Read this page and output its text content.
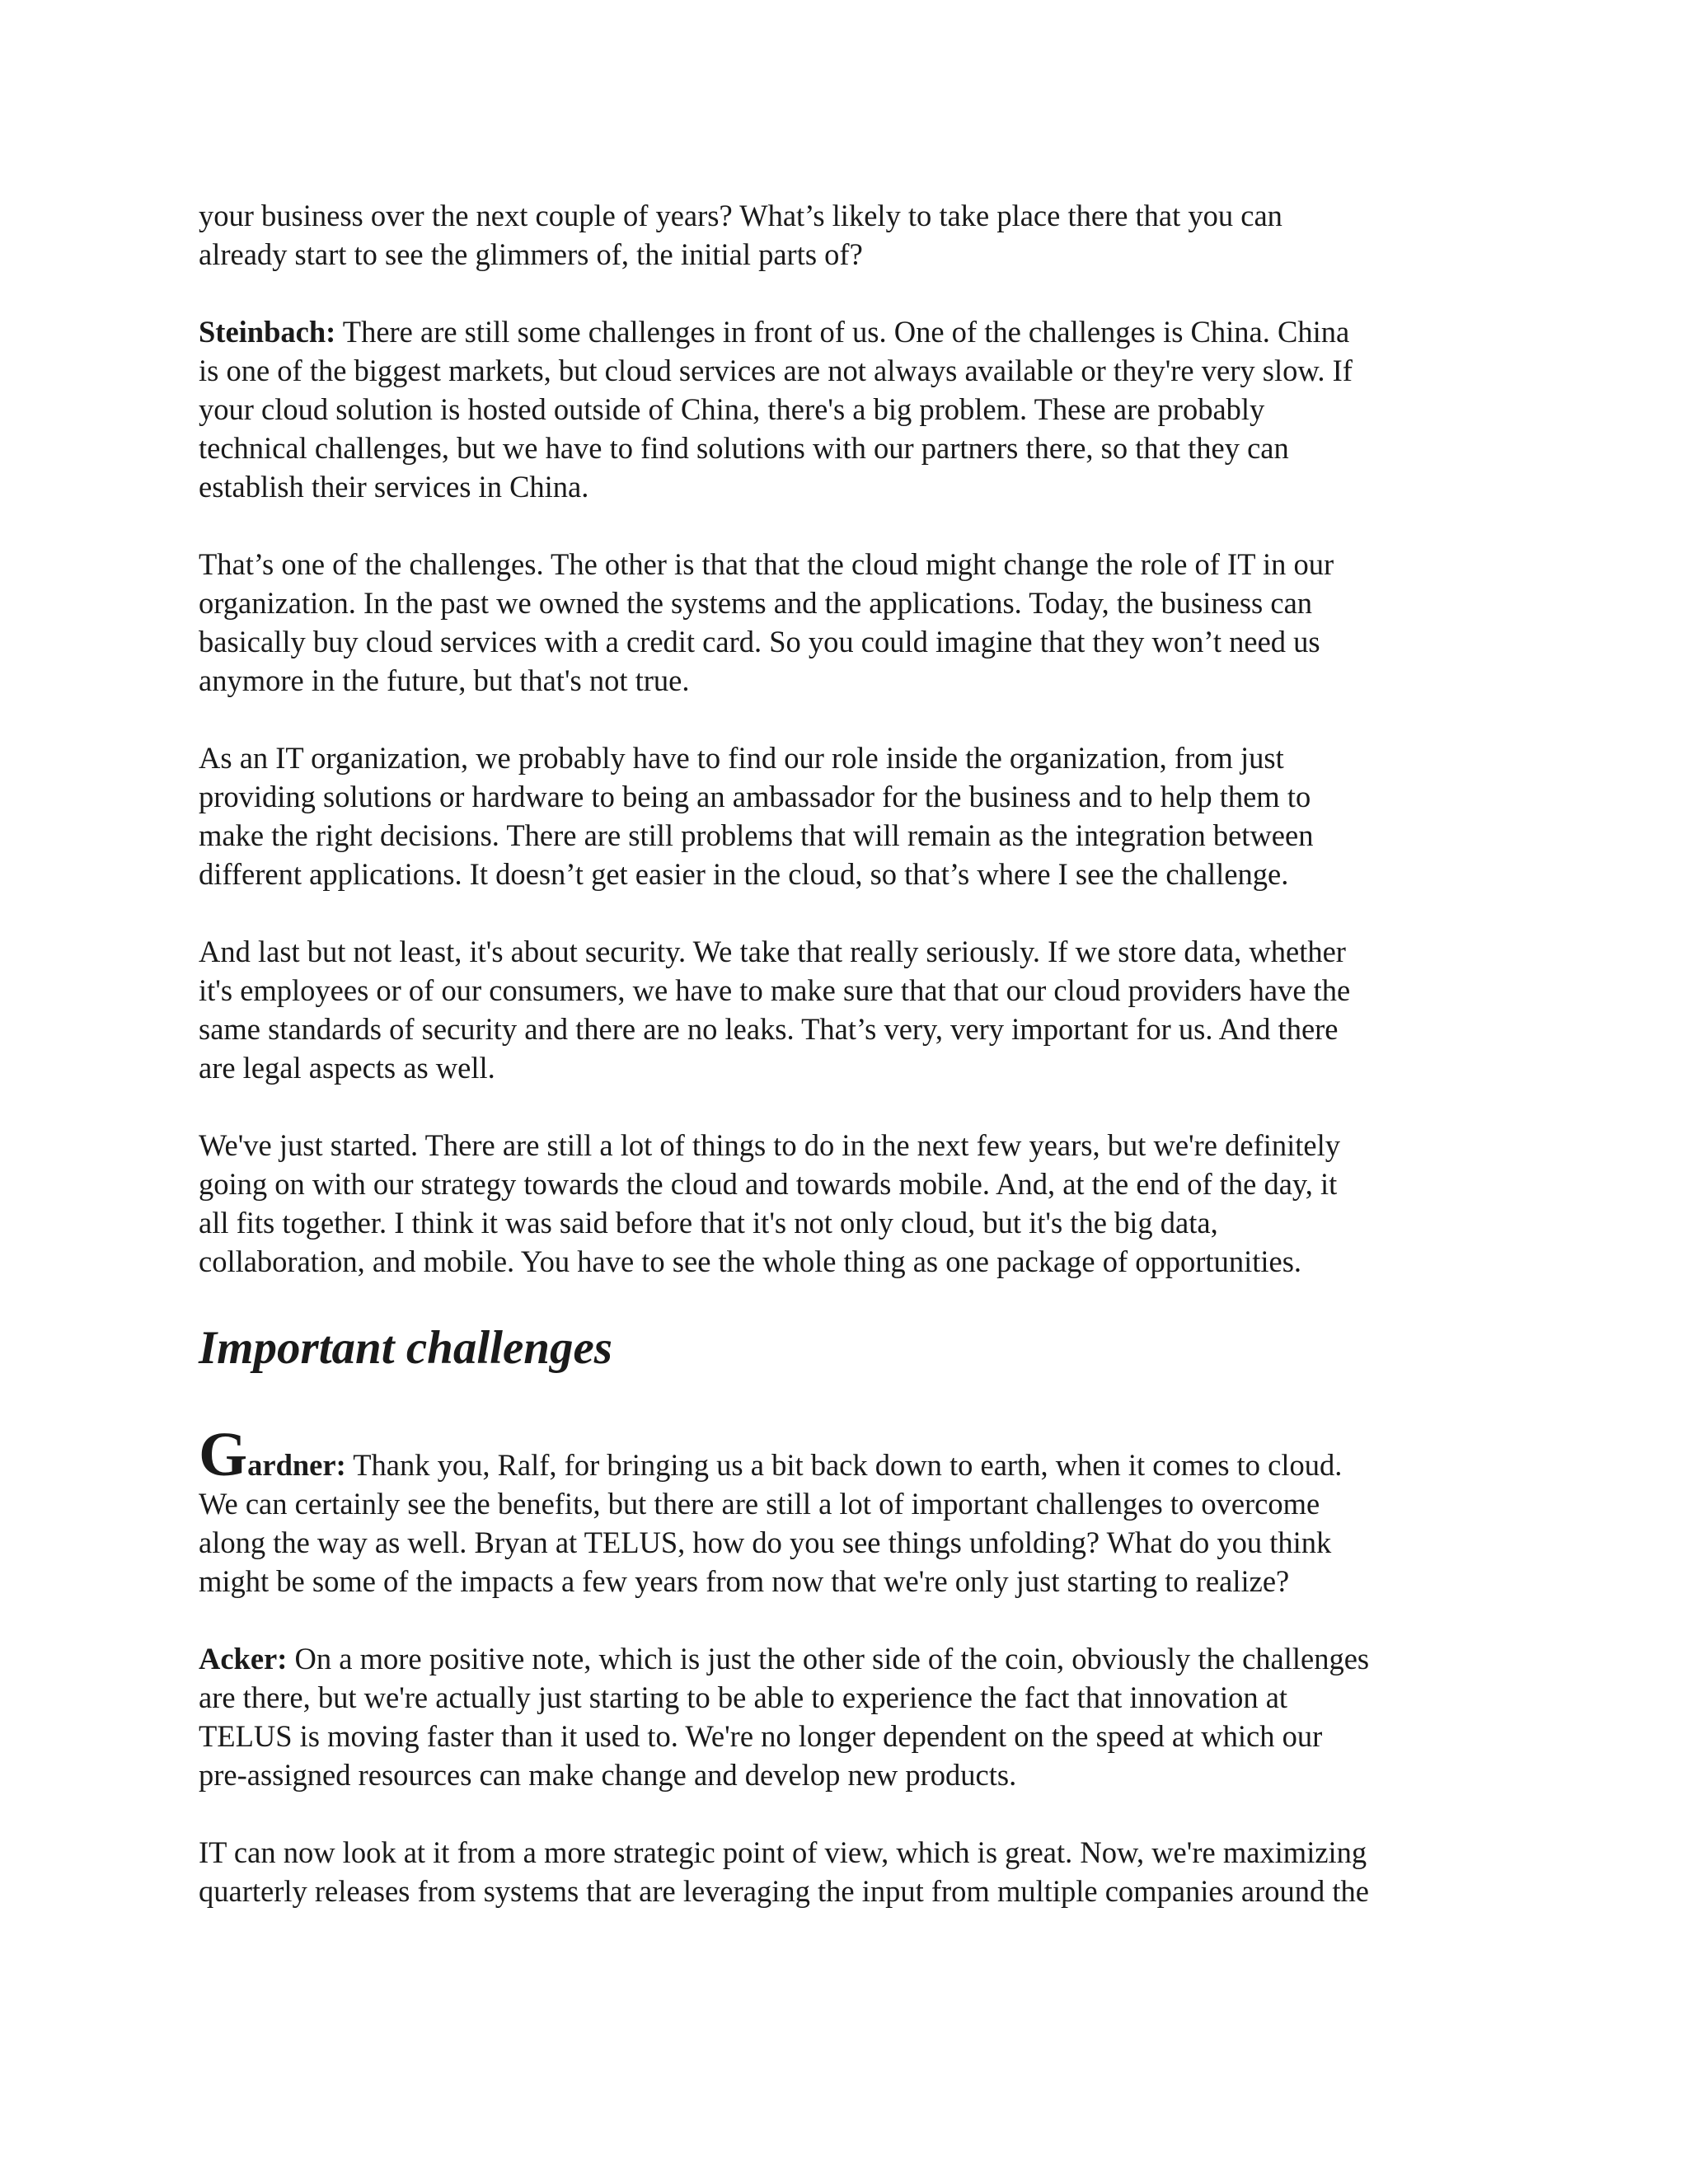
your business over the next couple of years? What’s likely to take place there that you can
already start to see the glimmers of, the initial parts of?

Steinbach: There are still some challenges in front of us. One of the challenges is China. China
is one of the biggest markets, but cloud services are not always available or they're very slow. If
your cloud solution is hosted outside of China, there's a big problem. These are probably
technical challenges, but we have to find solutions with our partners there, so that they can
establish their services in China.

That’s one of the challenges. The other is that that the cloud might change the role of IT in our
organization. In the past we owned the systems and the applications. Today, the business can
basically buy cloud services with a credit card. So you could imagine that they won’t need us
anymore in the future, but that's not true.

As an IT organization, we probably have to find our role inside the organization, from just
providing solutions or hardware to being an ambassador for the business and to help them to
make the right decisions. There are still problems that will remain as the integration between
different applications. It doesn’t get easier in the cloud, so that’s where I see the challenge.

And last but not least, it's about security. We take that really seriously. If we store data, whether
it's employees or of our consumers, we have to make sure that that our cloud providers have the
same standards of security and there are no leaks. That’s very, very important for us. And there
are legal aspects as well.

We've just started. There are still a lot of things to do in the next few years, but we're definitely
going on with our strategy towards the cloud and towards mobile. And, at the end of the day, it
all fits together. I think it was said before that it's not only cloud, but it's the big data,
collaboration, and mobile. You have to see the whole thing as one package of opportunities.

Important challenges

Gardner: Thank you, Ralf, for bringing us a bit back down to earth, when it comes to cloud.
We can certainly see the benefits, but there are still a lot of important challenges to overcome
along the way as well. Bryan at TELUS, how do you see things unfolding? What do you think
might be some of the impacts a few years from now that we're only just starting to realize?

Acker: On a more positive note, which is just the other side of the coin, obviously the challenges
are there, but we're actually just starting to be able to experience the fact that innovation at
TELUS is moving faster than it used to. We're no longer dependent on the speed at which our
pre-assigned resources can make change and develop new products.

IT can now look at it from a more strategic point of view, which is great. Now, we're maximizing
quarterly releases from systems that are leveraging the input from multiple companies around the
